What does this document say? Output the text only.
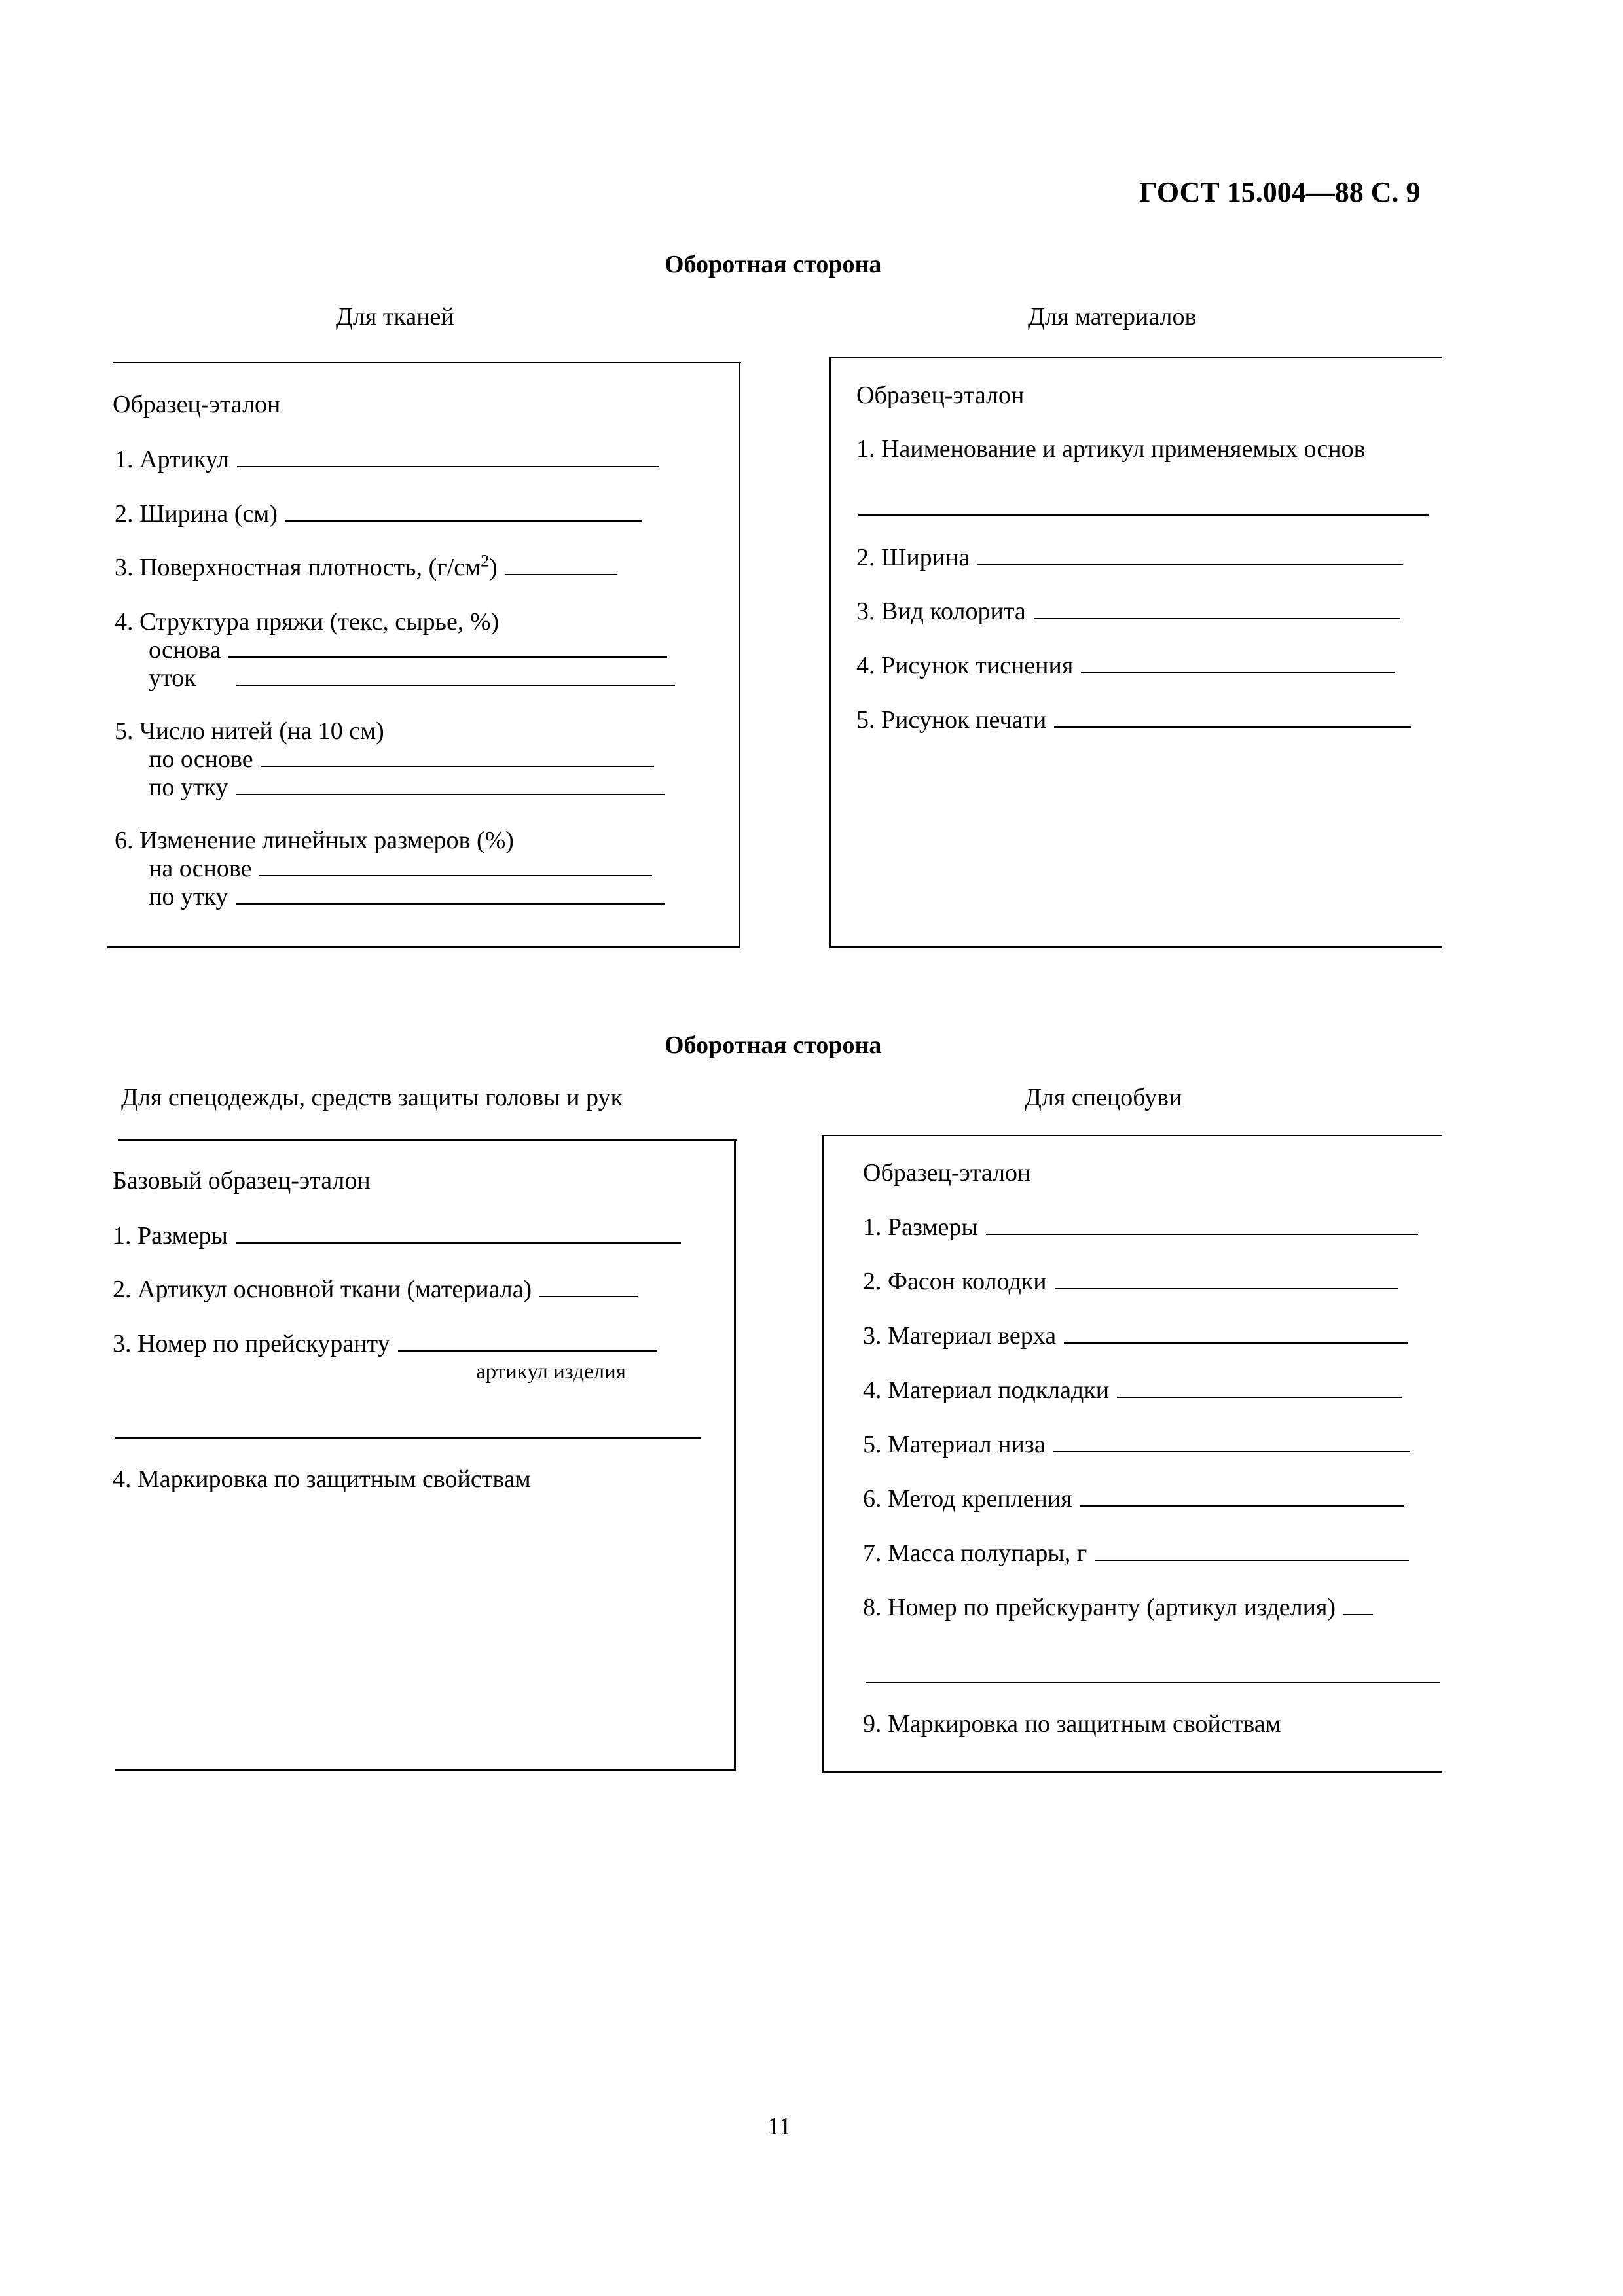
ГОСТ 15.004—88 С. 9
Оборотная сторона
Для тканей	Для материалов
Образец-эталон
1. Артикул
2. Ширина (см)
3. Поверхностная плотность, $(г/см^2)$
4. Структура пряжи (текс, сырье, %)
основа
уток
5. Число нитей (на 10 см)
по основе
по утку
6. Изменение линейных размеров (%)
на основе
по утку
Образец-эталон
1. Наименование и артикул применяемых основ
2. Ширина
3. Вид колорита
4. Рисунок тиснения
5. Рисунок печати
Оборотная сторона
Для спецодежды, средств защиты головы и рук	Для спецобуви
Базовый образец-эталон
1. Размеры
2. Артикул основной ткани (материала)
3. Номер по прейскуранту
артикул изделия
4. Маркировка по защитным свойствам
Образец-эталон
1. Размеры
2. Фасон колодки
3. Материал верха
4. Материал подкладки
5. Материал низа
6. Метод крепления
7. Масса полупары, г
8. Номер по прейскуранту (артикул изделия)
9. Маркировка по защитным свойствам
11
